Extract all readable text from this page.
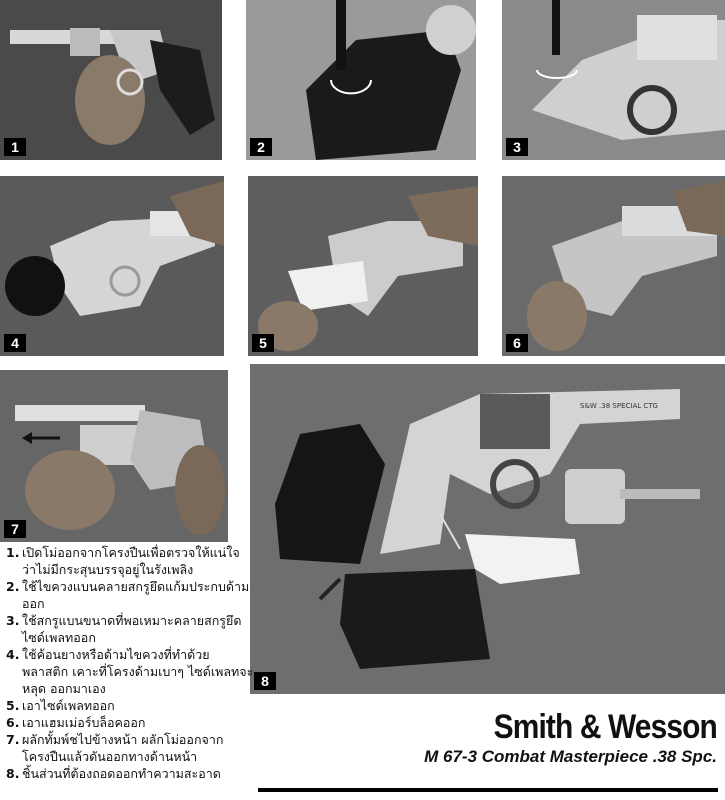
1	2	3
4	5	6
7
S&W .38 SPECIAL CTG
8
1. เปิดโม่ออกจากโครงปืนเพื่อตรวจให้แน่ใจ ว่าไม่มีกระสุนบรรจุอยู่ในรังเพลิง
2. ใช้ไขควงแบนคลายสกรูยึดแก้มประกบด้าม ออก
3. ใช้สกรูแบนขนาดที่พอเหมาะคลายสกรูยึด ไซด์เพลทออก
4. ใช้ค้อนยางหรือด้ามไขควงที่ทำด้วยพลาสติก เคาะที่โครงด้ามเบาๆ ไซด์เพลทจะหลุด ออกมาเอง
5. เอาไซด์เพลทออก
6. เอาแฮมเม่อร์บล็อคออก
7. ผลักทั้มพ์ชไปข้างหน้า ผลักโม่ออกจาก โครงปืนแล้วดันออกทางด้านหน้า
8. ชิ้นส่วนที่ต้องถอดออกทำความสะอาด
Smith & Wesson
M 67-3 Combat Masterpiece .38 Spc.
